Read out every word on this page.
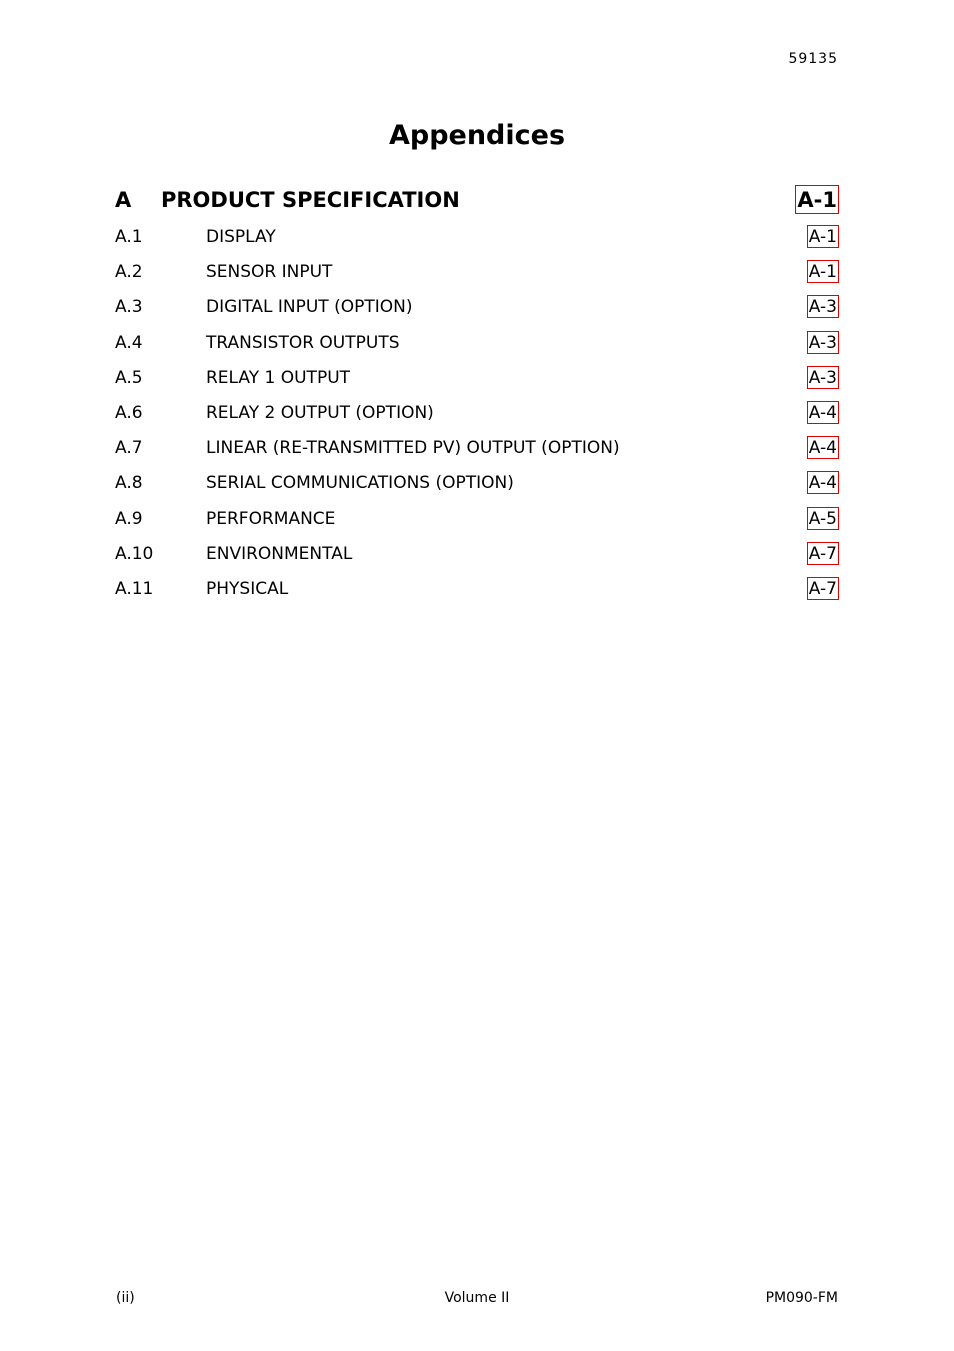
59135
Appendices
A PRODUCT SPECIFICATION	A-1
A.1	DISPLAY	A-1
A.2	SENSOR INPUT	A-1
A.3	DIGITAL INPUT (OPTION)	A-3
A.4	TRANSISTOR OUTPUTS	A-3
A.5	RELAY 1 OUTPUT	A-3
A.6	RELAY 2 OUTPUT (OPTION)	A-4
A.7	LINEAR (RE-TRANSMITTED PV) OUTPUT (OPTION)	A-4
A.8	SERIAL COMMUNICATIONS (OPTION)	A-4
A.9	PERFORMANCE	A-5
A.10	ENVIRONMENTAL	A-7
A.11	PHYSICAL	A-7
(ii)	Volume II	PM090-FM
